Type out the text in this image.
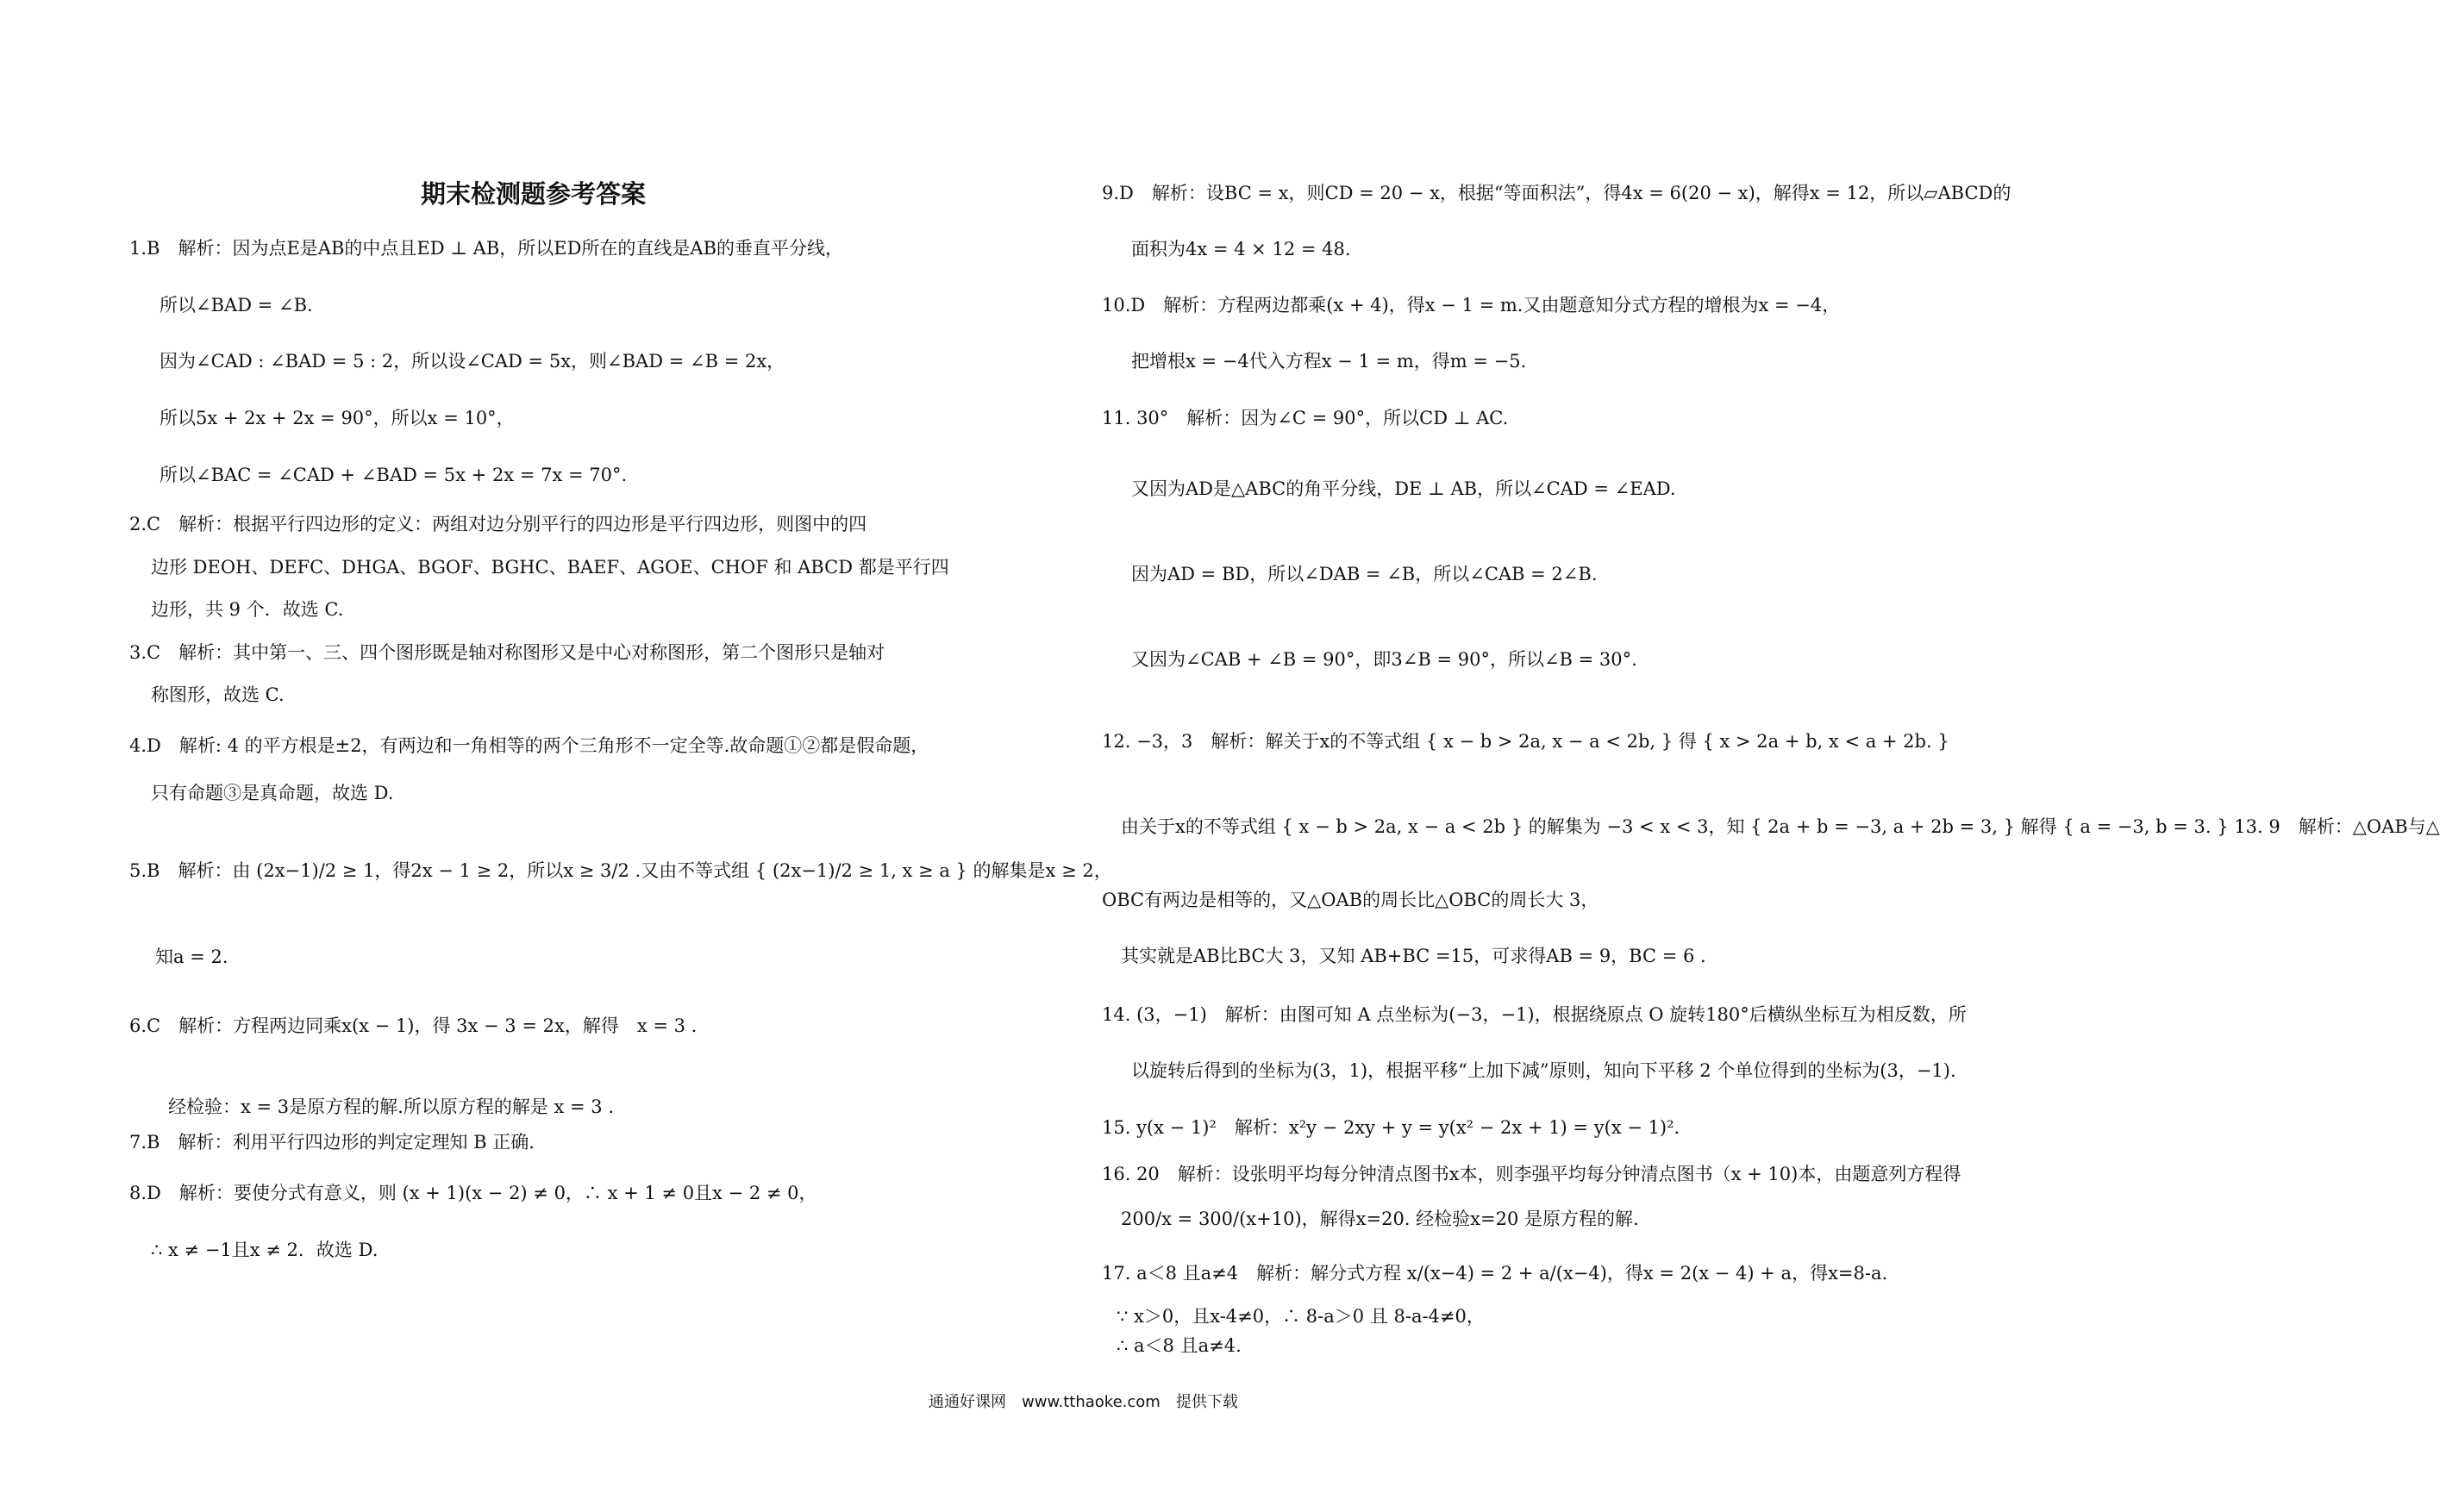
期末检测题参考答案
1.B　解析：因为点E是AB的中点且ED ⊥ AB，所以ED所在的直线是AB的垂直平分线，
所以∠BAD = ∠B.
因为∠CAD : ∠BAD = 5 : 2，所以设∠CAD = 5x，则∠BAD = ∠B = 2x，
所以5x + 2x + 2x = 90°，所以x = 10°，
所以∠BAC = ∠CAD + ∠BAD = 5x + 2x = 7x = 70°.
2.C　解析：根据平行四边形的定义：两组对边分别平行的四边形是平行四边形，则图中的四
边形 DEOH、DEFC、DHGA、BGOF、BGHC、BAEF、AGOE、CHOF 和 ABCD 都是平行四
边形，共 9 个．故选 C.
3.C　解析：其中第一、三、四个图形既是轴对称图形又是中心对称图形，第二个图形只是轴对
称图形，故选 C.
4.D　解析: 4 的平方根是±2，有两边和一角相等的两个三角形不一定全等.故命题①②都是假命题，
只有命题③是真命题，故选 D.
5.B　解析：由 (2x−1)/2 ≥ 1，得2x − 1 ≥ 2，所以x ≥ 3/2 .又由不等式组 { (2x−1)/2 ≥ 1, x ≥ a } 的解集是x ≥ 2，
知a = 2.
6.C　解析：方程两边同乘x(x − 1)，得 3x − 3 = 2x，解得　x = 3 .
经检验：x = 3是原方程的解.所以原方程的解是 x = 3 .
7.B　解析：利用平行四边形的判定定理知 B 正确.
8.D　解析：要使分式有意义，则 (x + 1)(x − 2) ≠ 0，∴ x + 1 ≠ 0且x − 2 ≠ 0，
∴ x ≠ −1且x ≠ 2．故选 D.
9.D　解析：设BC = x，则CD = 20 − x，根据“等面积法”，得4x = 6(20 − x)，解得x = 12，所以▱ABCD的
面积为4x = 4 × 12 = 48.
10.D　解析：方程两边都乘(x + 4)，得x − 1 = m.又由题意知分式方程的增根为x = −4，
把增根x = −4代入方程x − 1 = m，得m = −5.
11. 30°　解析：因为∠C = 90°，所以CD ⊥ AC.
又因为AD是△ABC的角平分线，DE ⊥ AB，所以∠CAD = ∠EAD.
因为AD = BD，所以∠DAB = ∠B，所以∠CAB = 2∠B.
又因为∠CAB + ∠B = 90°，即3∠B = 90°，所以∠B = 30°.
12. −3，3　解析：解关于x的不等式组 { x − b > 2a, x − a < 2b, } 得 { x > 2a + b, x < a + 2b. }
由关于x的不等式组 { x − b > 2a, x − a < 2b } 的解集为 −3 < x < 3，知 { 2a + b = −3, a + 2b = 3, } 解得 { a = −3, b = 3. } 13. 9　解析：△OAB与△
OBC有两边是相等的，又△OAB的周长比△OBC的周长大 3，
其实就是AB比BC大 3，又知 AB+BC =15，可求得AB = 9，BC = 6 .
14. (3，−1)　解析：由图可知 A 点坐标为(−3，−1)，根据绕原点 O 旋转180°后横纵坐标互为相反数，所
以旋转后得到的坐标为(3，1)，根据平移“上加下减”原则，知向下平移 2 个单位得到的坐标为(3，−1).
15. y(x − 1)²　解析：x²y − 2xy + y = y(x² − 2x + 1) = y(x − 1)².
16. 20　解析：设张明平均每分钟清点图书x本，则李强平均每分钟清点图书（x + 10)本，由题意列方程得
200/x = 300/(x+10)，解得x=20. 经检验x=20 是原方程的解.
17. a＜8 且a≠4　解析：解分式方程 x/(x−4) = 2 + a/(x−4)，得x = 2(x − 4) + a，得x=8-a.
∵ x＞0，且x-4≠0，∴ 8-a＞0 且 8-a-4≠0，
∴ a＜8 且a≠4.
通通好课网　www.tthaoke.com　提供下载
